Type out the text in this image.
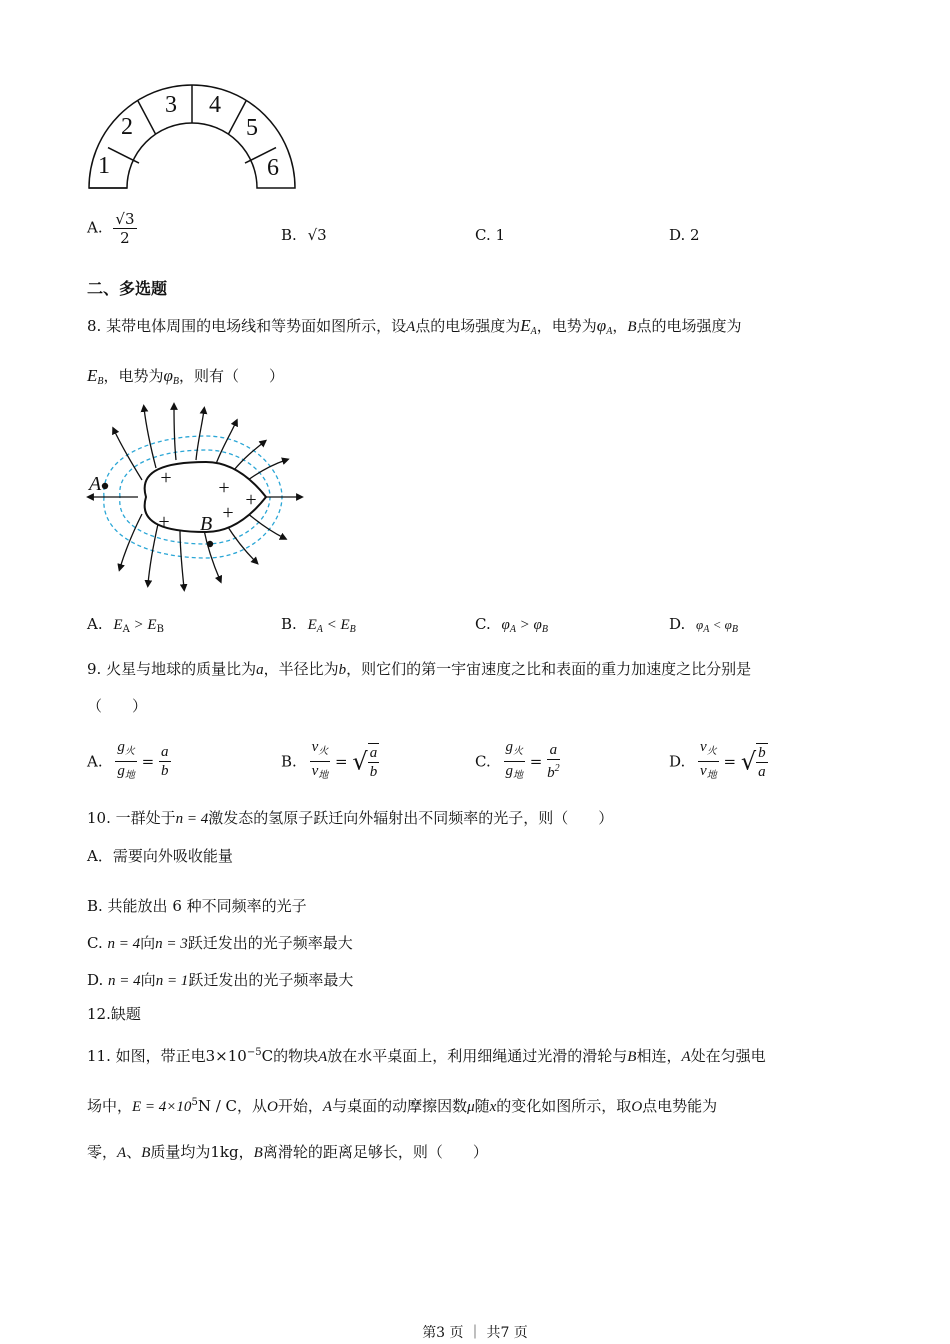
1
2
3 4
5
6
A. $\frac{√3}{2}$	B. √3	C. 1	D. 2
二、多选题
8. 某带电体周围的电场线和等势面如图所示，设A点的电场强度为$E_A$，电势为$\varphi_A$，B点的电场强度为
$E_B$，电势为$\varphi_B$，则有（　　）
+ +
+
+	+
A
B
A. $E_A > E_B$	B. $E_A < E_B$	C. $\varphi_A > \varphi_B$	D. $\varphi_A < \varphi_B$
9. 火星与地球的质量比为a，半径比为b，则它们的第一宇宙速度之比和表面的重力加速度之比分别是
（　　）
A. $\frac{g_火}{g_地} = \frac{a}{b}$	B. $\frac{v_火}{v_地}$ = √ $\frac{a}{b}$	C. $\frac{g_火}{g_地} = \frac{a}{b^2}$	D. $\frac{v_火}{v_地}$ = √ $\frac{b}{a}$
10. 一群处于n = 4激发态的氢原子跃迁向外辐射出不同频率的光子，则（　　）
A．需要向外吸收能量
B. 共能放出 6 种不同频率的光子
C. n = 4向n = 3跃迁发出的光子频率最大
D. n = 4向n = 1跃迁发出的光子频率最大
12.缺题
11. 如图，带正电$3\times 10^{-5}C$的物块A放在水平桌面上，利用细绳通过光滑的滑轮与B相连，A处在匀强电
场中，$E = 4\times 10^5N / C$，从O开始，A与桌面的动摩擦因数μ随x的变化如图所示，取O点电势能为
零，A、B质量均为1kg，B离滑轮的距离足够长，则（　　）
第3 页 ｜ 共7 页
